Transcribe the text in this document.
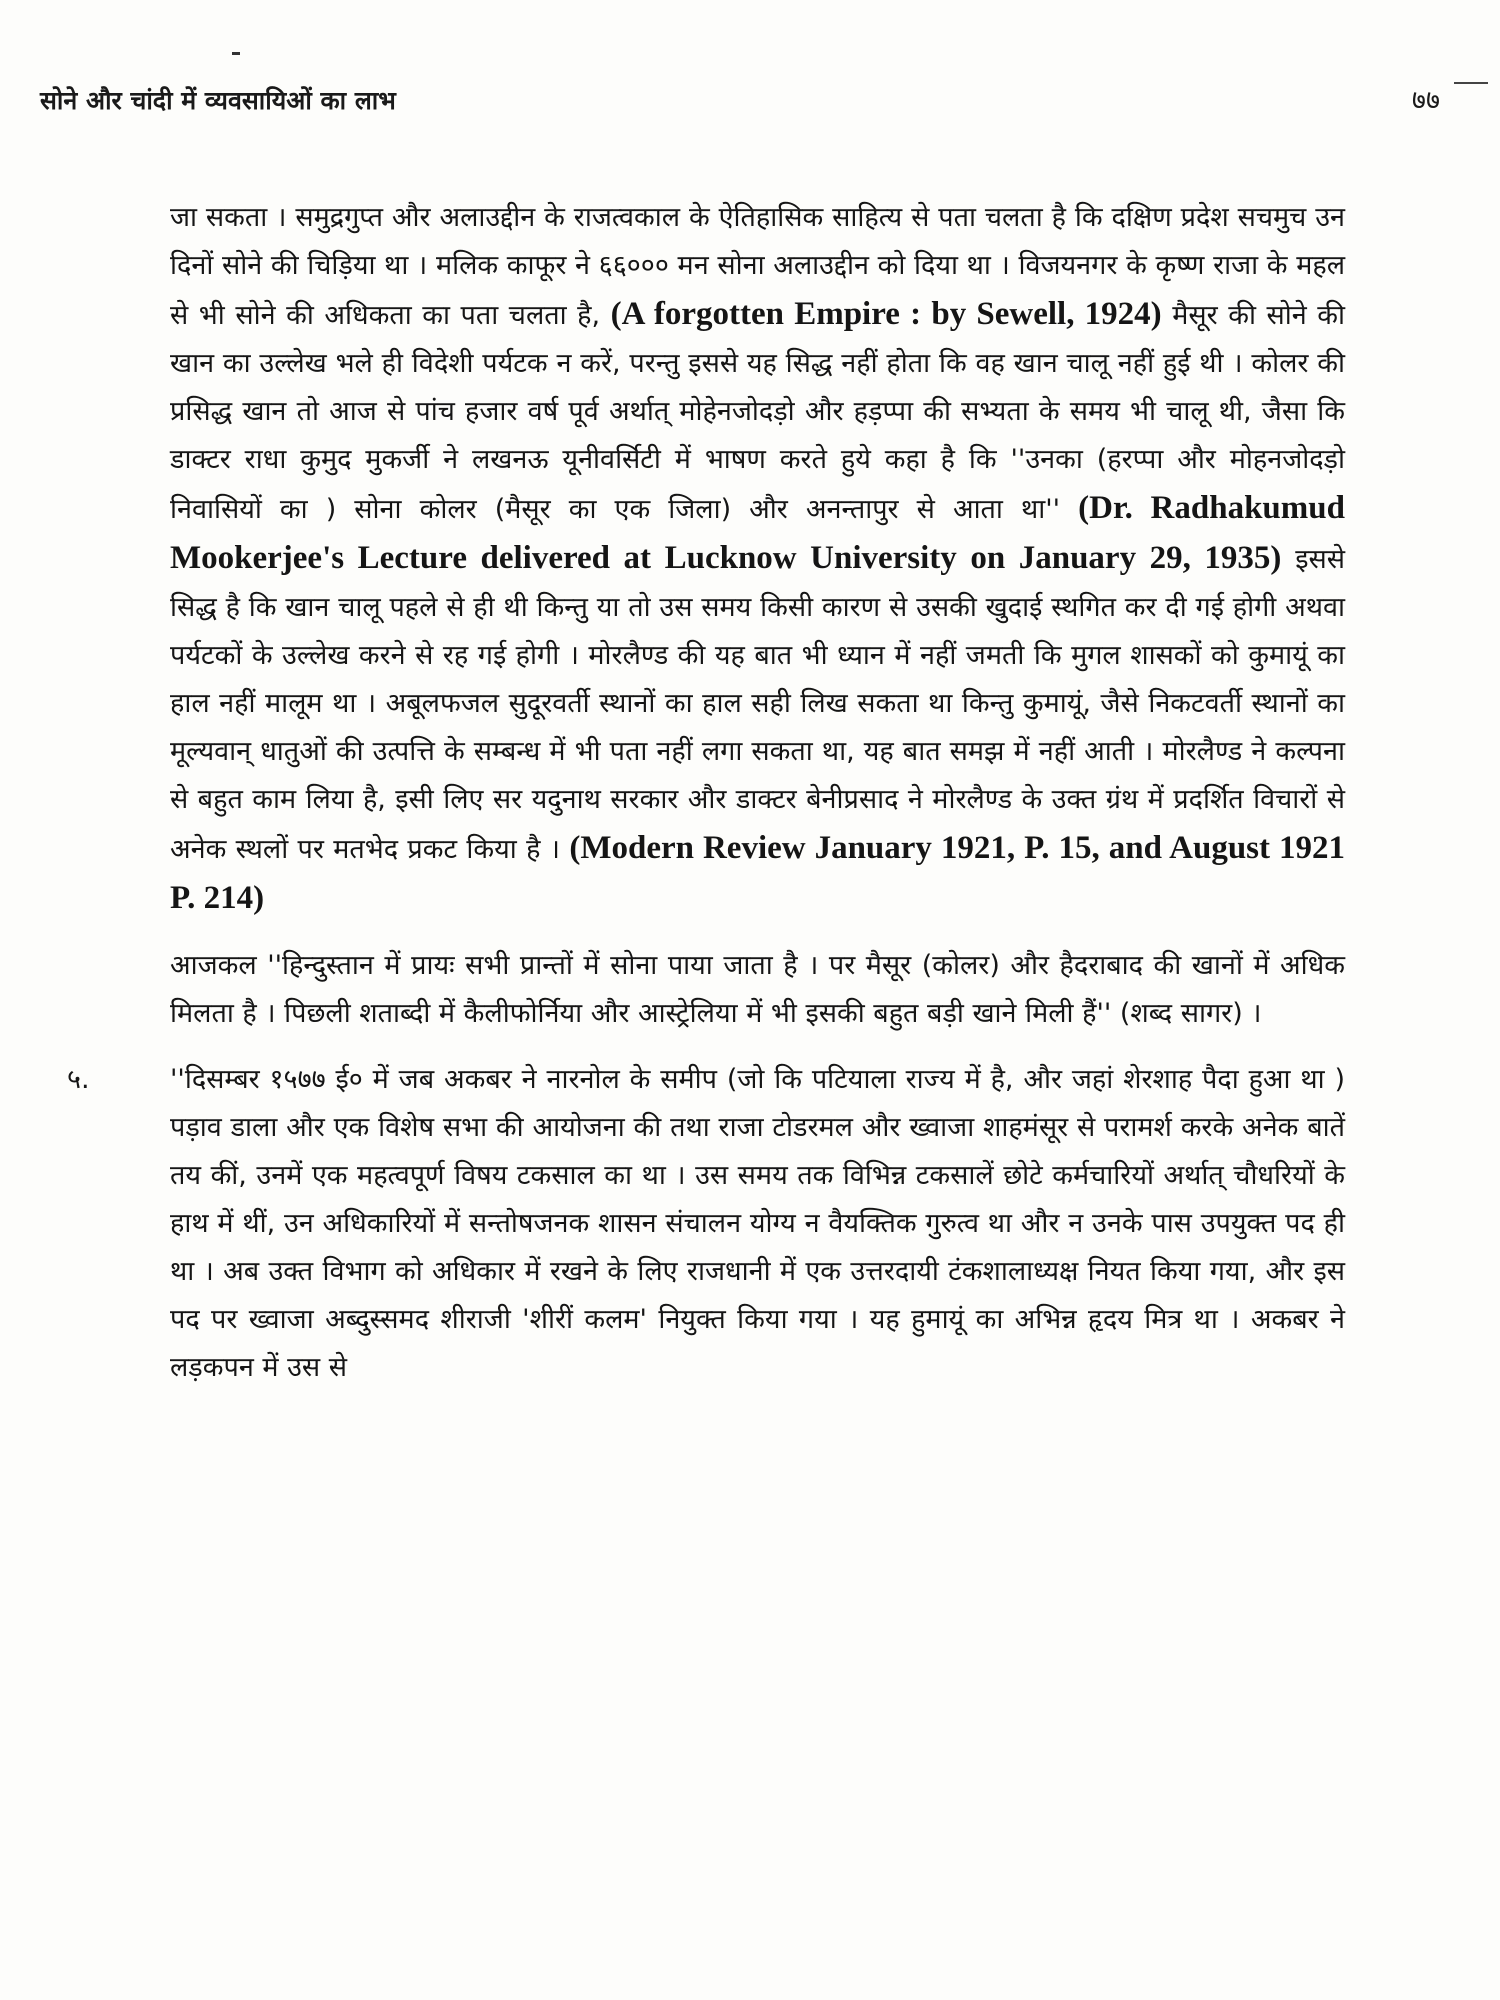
सोने और चांदी में व्यवसायिओं का लाभ	७७

जा सकता । समुद्रगुप्त और अलाउद्दीन के राजत्वकाल के ऐतिहासिक साहित्य से पता चलता है कि दक्षिण प्रदेश सचमुच उन दिनों सोने की चिड़िया था । मलिक काफूर ने ६६००० मन सोना अलाउद्दीन को दिया था । विजयनगर के कृष्ण राजा के महल से भी सोने की अधिकता का पता चलता है, (A forgotten Empire : by Sewell, 1924) मैसूर की सोने की खान का उल्लेख भले ही विदेशी पर्यटक न करें, परन्तु इससे यह सिद्ध नहीं होता कि वह खान चालू नहीं हुई थी । कोलर की प्रसिद्ध खान तो आज से पांच हजार वर्ष पूर्व अर्थात् मोहेनजोदड़ो और हड़प्पा की सभ्यता के समय भी चालू थी, जैसा कि डाक्टर राधा कुमुद मुकर्जी ने लखनऊ यूनीवर्सिटी में भाषण करते हुये कहा है कि ''उनका (हरप्पा और मोहनजोदड़ो निवासियों का ) सोना कोलर (मैसूर का एक जिला) और अनन्तापुर से आता था'' (Dr. Radhakumud Mookerjee's Lecture delivered at Lucknow University on January 29, 1935) इससे सिद्ध है कि खान चालू पहले से ही थी किन्तु या तो उस समय किसी कारण से उसकी खुदाई स्थगित कर दी गई होगी अथवा पर्यटकों के उल्लेख करने से रह गई होगी । मोरलैण्ड की यह बात भी ध्यान में नहीं जमती कि मुगल शासकों को कुमायूं का हाल नहीं मालूम था । अबूलफजल सुदूरवर्ती स्थानों का हाल सही लिख सकता था किन्तु कुमायूं, जैसे निकटवर्ती स्थानों का मूल्यवान् धातुओं की उत्पत्ति के सम्बन्ध में भी पता नहीं लगा सकता था, यह बात समझ में नहीं आती । मोरलैण्ड ने कल्पना से बहुत काम लिया है, इसी लिए सर यदुनाथ सरकार और डाक्टर बेनीप्रसाद ने मोरलैण्ड के उक्त ग्रंथ में प्रदर्शित विचारों से अनेक स्थलों पर मतभेद प्रकट किया है । (Modern Review January 1921, P. 15, and August 1921 P. 214)

आजकल ''हिन्दुस्तान में प्रायः सभी प्रान्तों में सोना पाया जाता है । पर मैसूर (कोलर) और हैदराबाद की खानों में अधिक मिलता है । पिछली शताब्दी में कैलीफोर्निया और आस्ट्रेलिया में भी इसकी बहुत बड़ी खाने मिली हैं'' (शब्द सागर) ।

५.	''दिसम्बर १५७७ ई० में जब अकबर ने नारनोल के समीप (जो कि पटियाला राज्य में है, और जहां शेरशाह पैदा हुआ था ) पड़ाव डाला और एक विशेष सभा की आयोजना की तथा राजा टोडरमल और ख्वाजा शाहमंसूर से परामर्श करके अनेक बातें तय कीं, उनमें एक महत्वपूर्ण विषय टकसाल का था । उस समय तक विभिन्न टकसालें छोटे कर्मचारियों अर्थात् चौधरियों के हाथ में थीं, उन अधिकारियों में सन्तोषजनक शासन संचालन योग्य न वैयक्तिक गुरुत्व था और न उनके पास उपयुक्त पद ही था । अब उक्त विभाग को अधिकार में रखने के लिए राजधानी में एक उत्तरदायी टंकशालाध्यक्ष नियत किया गया, और इस पद पर ख्वाजा अब्दुस्समद शीराजी 'शीरीं कलम' नियुक्त किया गया । यह हुमायूं का अभिन्न हृदय मित्र था । अकबर ने लड़कपन में उस से
